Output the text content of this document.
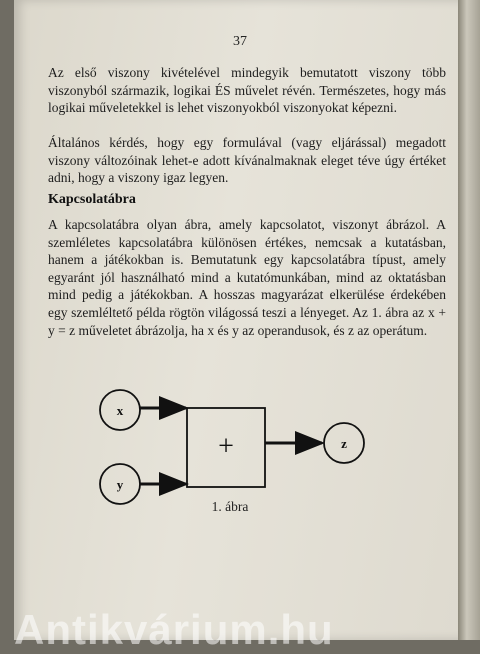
37

Az első viszony kivételével mindegyik bemutatott viszony több viszonyból származik, logikai ÉS művelet révén. Természetes, hogy más logikai műveletekkel is lehet viszonyokból viszonyokat képezni.

Általános kérdés, hogy egy formulával (vagy eljárással) megadott viszony változóinak lehet-e adott kívánalmaknak eleget téve úgy értéket adni, hogy a viszony igaz legyen.

Kapcsolatábra

A kapcsolatábra olyan ábra, amely kapcsolatot, viszonyt ábrázol. A szemléletes kapcsolatábra különösen értékes, nemcsak a kutatásban, hanem a játékokban is. Bemutatunk egy kapcsolatábra típust, amely egyaránt jól használható mind a kutatómunkában, mind az oktatásban mind pedig a játékokban. A hosszas magyarázat elkerülése érdekében egy szemléltető példa rögtön világossá teszi a lényeget. Az 1. ábra az x + y = z műveletet ábrázolja, ha x és y az operandusok, és z az operátum.

x
y
+	z
1. ábra
Antikvárium.hu
